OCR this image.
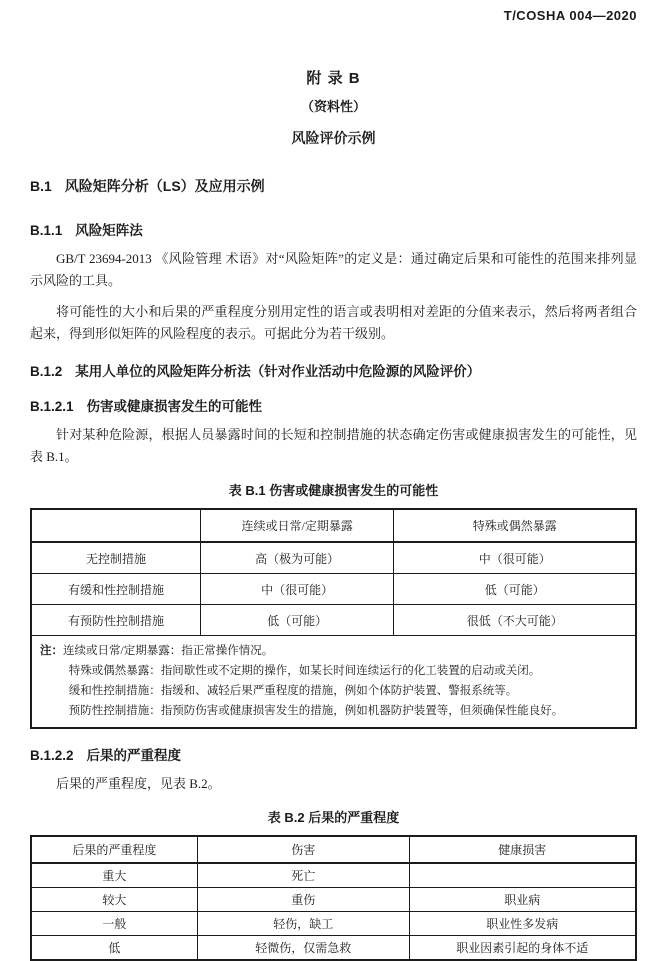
T/COSHA 004—2020
附 录 B
（资料性）
风险评价示例
B.1 风险矩阵分析（LS）及应用示例
B.1.1 风险矩阵法

GB/T 23694-2013 《风险管理 术语》对“风险矩阵”的定义是：通过确定后果和可能性的范围来排列显示风险的工具。

将可能性的大小和后果的严重程度分别用定性的语言或表明相对差距的分值来表示，然后将两者组合起来，得到形似矩阵的风险程度的表示。可据此分为若干级别。

B.1.2 某用人单位的风险矩阵分析法（针对作业活动中危险源的风险评价）
B.1.2.1 伤害或健康损害发生的可能性

针对某种危险源，根据人员暴露时间的长短和控制措施的状态确定伤害或健康损害发生的可能性，见表 B.1。

表 B.1 伤害或健康损害发生的可能性
	连续或日常/定期暴露	特殊或偶然暴露
无控制措施	高（极为可能）	中（很可能）
有缓和性控制措施	中（很可能）	低（可能）
有预防性控制措施	低（可能）	很低（不大可能）

注：连续或日常/定期暴露：指正常操作情况。
特殊或偶然暴露：指间歇性或不定期的操作，如某长时间连续运行的化工装置的启动或关闭。
缓和性控制措施：指缓和、减轻后果严重程度的措施，例如个体防护装置、警报系统等。
预防性控制措施：指预防伤害或健康损害发生的措施，例如机器防护装置等，但须确保性能良好。		
B.1.2.2 后果的严重程度

后果的严重程度，见表 B.2。

表 B.2 后果的严重程度
后果的严重程度	伤害	健康损害
重大	死亡	
较大	重伤	职业病
一般	轻伤，缺工	职业性多发病
低	轻微伤，仅需急救	职业因素引起的身体不适
